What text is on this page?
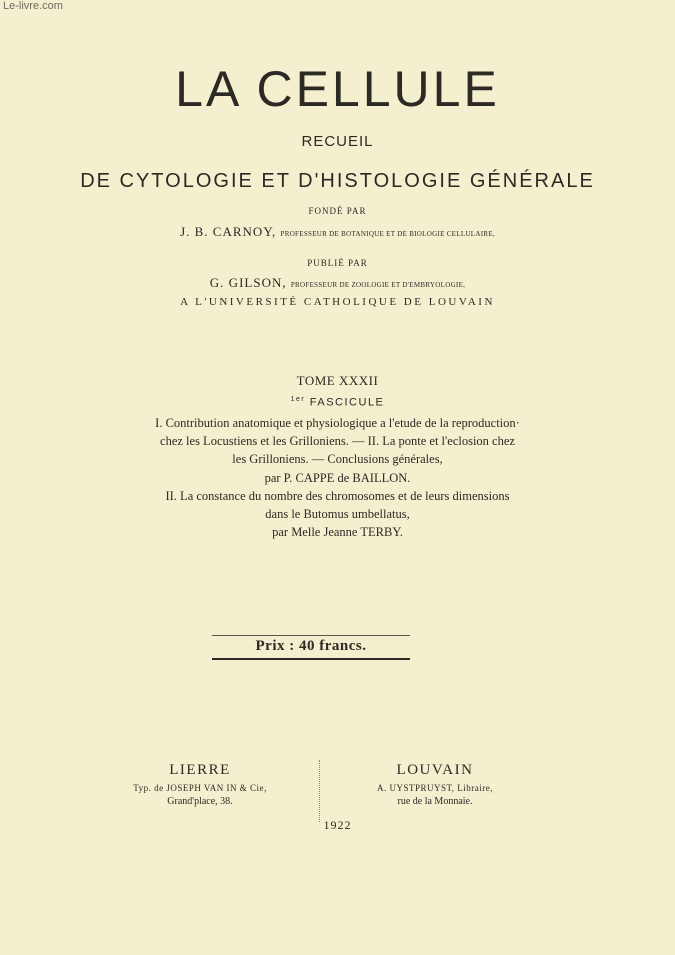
Le-livre.com
LA CELLULE
RECUEIL
DE CYTOLOGIE ET D'HISTOLOGIE GÉNÉRALE
FONDÉ PAR
J. B. CARNOY, PROFESSEUR DE BOTANIQUE ET DE BIOLOGIE CELLULAIRE,
PUBLIÉ PAR
G. GILSON, PROFESSEUR DE ZOOLOGIE ET D'EMBRYOLOGIE,
A L'UNIVERSITÉ CATHOLIQUE DE LOUVAIN
TOME XXXII
$^{1er}$ FASCICULE
I. Contribution anatomique et physiologique a l'etude de la reproduction·
chez les Locustiens et les Grilloniens. — II. La ponte et l'eclosion chez
les Grilloniens. — Conclusions générales,
par P. CAPPE de BAILLON.
II. La constance du nombre des chromosomes et de leurs dimensions
dans le Butomus umbellatus,
par Melle Jeanne TERBY.
Prix : 40 francs.
LIERRE
Typ. de JOSEPH VAN IN & Cie,
Grand'place, 38.
LOUVAIN
A. UYSTPRUYST, Libraire,
rue de la Monnaie.
1922
